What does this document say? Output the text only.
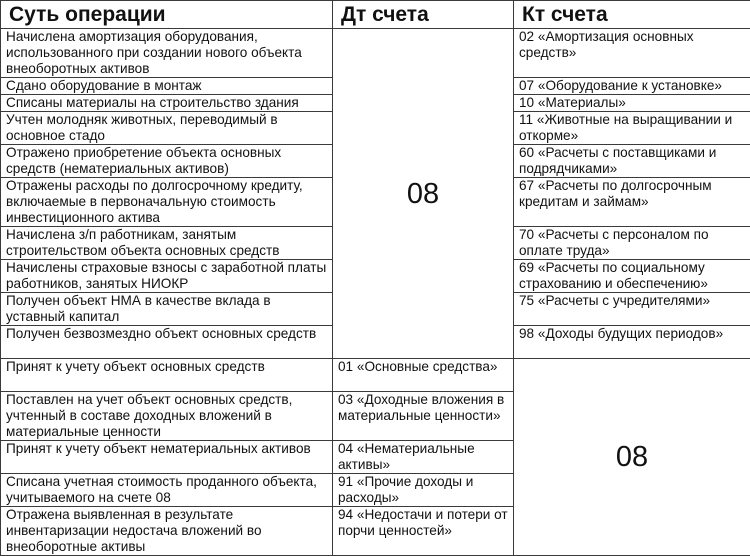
Суть операции	Дт счета	Кт счета
Начислена амортизация оборудования, использованного при создании нового объекта внеоборотных активов	08	02 «Амортизация основных средств»
Сдано оборудование в монтаж		07 «Оборудование к установке»
Списаны материалы на строительство здания		10 «Материалы»
Учтен молодняк животных, переводимый в основное стадо		11 «Животные на выращивании и откорме»
Отражено приобретение объекта основных средств (нематериальных активов)		60 «Расчеты с поставщиками и подрядчиками»
Отражены расходы по долгосрочному кредиту, включаемые в первоначальную стоимость инвестиционного актива		67 «Расчеты по долгосрочным кредитам и займам»
Начислена з/п работникам, занятым строительством объекта основных средств		70 «Расчеты с персоналом по оплате труда»
Начислены страховые взносы с заработной платы работников, занятых НИОКР		69 «Расчеты по социальному страхованию и обеспечению»
Получен объект НМА в качестве вклада в уставный капитал		75 «Расчеты с учредителями»
Получен безвозмездно объект основных средств		98 «Доходы будущих периодов»
Принят к учету объект основных средств	01 «Основные средства»	08
Поставлен на учет объект основных средств, учтенный в составе доходных вложений в материальные ценности	03 «Доходные вложения в материальные ценности»	
Принят к учету объект нематериальных активов	04 «Нематериальные активы»	
Списана учетная стоимость проданного объекта, учитываемого на счете 08	91 «Прочие доходы и расходы»	
Отражена выявленная в результате инвентаризации недостача вложений во внеоборотные активы	94 «Недостачи и потери от порчи ценностей»	
